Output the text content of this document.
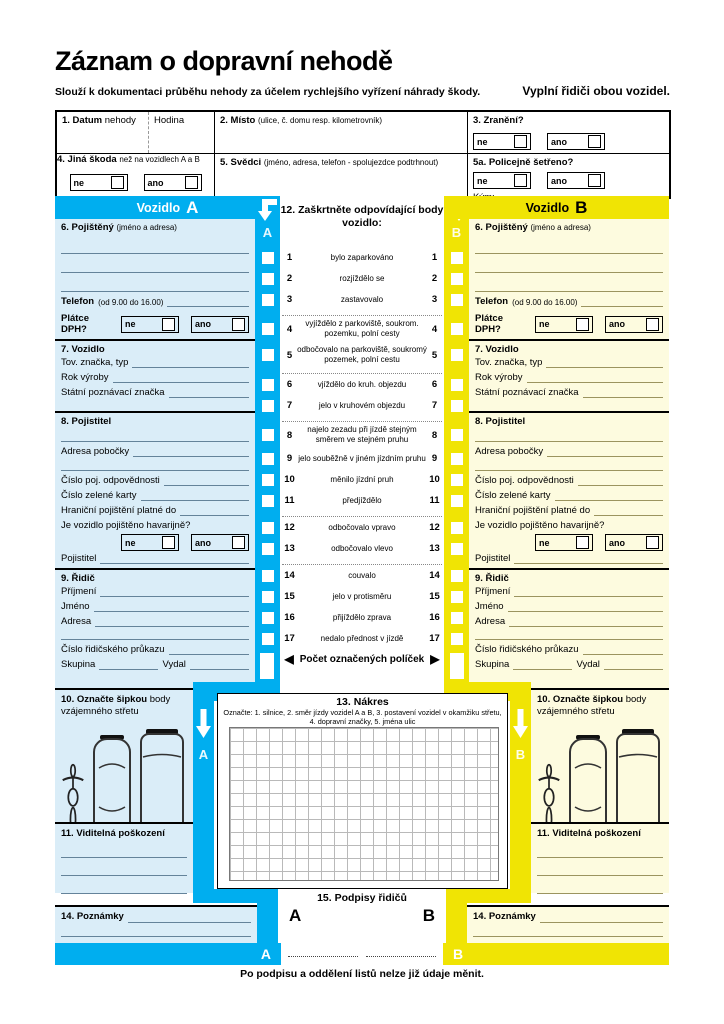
Záznam o dopravní nehodě
Slouží k dokumentaci průběhu nehody za účelem rychlejšího vyřízení náhrady škody.	Vyplní řidiči obou vozidel.
1. Datum nehody	Hodina	2. Místo (ulice, č. domu resp. kilometrovník)	3. Zranění?
ne	ano
4. Jiná škoda než na vozidlech A a B
ne	ano
5. Svědci (jméno, adresa, telefon - spolujezdce podtrhnout)	5a. Policejně šetřeno?
ne	ano
Vozidlo A
6. Pojištěný (jméno a adresa)
Telefon (od 9.00 do 16.00)
Plátce DPH?	ne	ano
7. Vozidlo
Tov. značka, typ
Rok výroby
Státní poznávací značka
8. Pojistitel
Adresa pobočky
Číslo poj. odpovědnosti
Číslo zelené karty
Hraniční pojištění platné do
Je vozidlo pojištěno havarijně?
ne	ano
Pojistitel
9. Řidič
Příjmení
Jméno
Adresa
Číslo řidičského průkazu
Skupina	Vydal
A
12. Zaškrtněte odpovídající body
vozidlo:
1	bylo zaparkováno	1
2	rozjíždělo se	2
3	zastavovalo	3
4	vyjíždělo z parkoviště, soukrom. pozemku, polní cesty	4
5 odbočovalo na parkoviště, soukromý pozemek, polní cestu	5
6	vjíždělo do kruh. objezdu	6
7	jelo v kruhovém objezdu	7
8	najelo zezadu při jízdě stejným směrem ve stejném pruhu	8
9 jelo souběžně v jiném jízdním pruhu 9
10	měnilo jízdní pruh	10
11	předjíždělo	11
12	odbočovalo vpravo	12
13	odbočovalo vlevo	13
14	couvalo	14
15	jelo v protisměru	15
16	přijíždělo zprava	16
17	nedalo přednost v jízdě	17
◀ Počet označených políček ▶
B
Vozidlo B
6. Pojištěný (jméno a adresa)
Telefon (od 9.00 do 16.00)
Plátce DPH?	ne	ano
7. Vozidlo
Tov. značka, typ
Rok výroby
Státní poznávací značka
8. Pojistitel
Adresa pobočky
Číslo poj. odpovědnosti
Číslo zelené karty
Hraniční pojištění platné do
Je vozidlo pojištěno havarijně?
ne	ano
Pojistitel
9. Řidič
Příjmení
Jméno
Adresa
Číslo řidičského průkazu
Skupina	Vydal
A
A
B
B
10. Označte šipkou body vzájemného střetu
11. Viditelná poškození
14. Poznámky
13. Nákres
Označte: 1. silnice, 2. směr jízdy vozidel A a B, 3. postavení vozidel v okamžiku střetu,
4. dopravní značky, 5. jména ulic
10. Označte šipkou body vzájemného střetu
11. Viditelná poškození
14. Poznámky
15. Podpisy řidičů
A	B
Po podpisu a oddělení listů nelze již údaje měnit.
